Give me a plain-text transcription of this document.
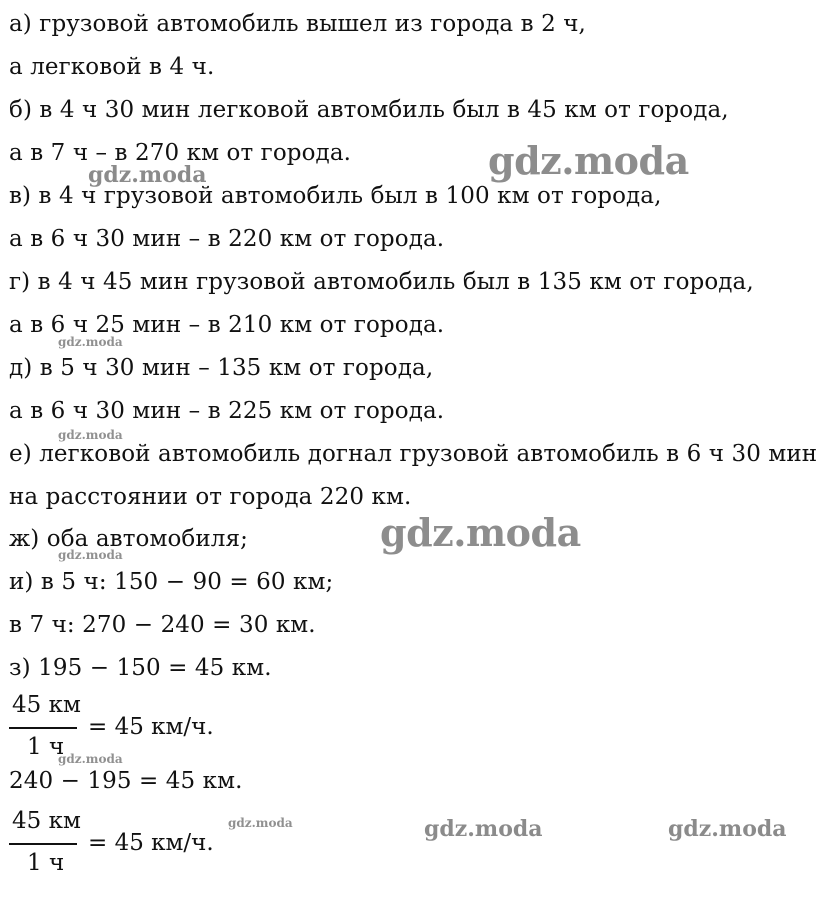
а) грузовой автомобиль вышел из города в 2 ч,
а легковой в 4 ч.
б) в 4 ч 30 мин легковой автомбиль был в 45 км от города,
а в 7 ч – в 270 км от города.
в) в 4 ч грузовой автомобиль был в 100 км от города,
а в 6 ч 30 мин – в 220 км от города.
г) в 4 ч 45 мин грузовой автомобиль был в 135 км от города,
а в 6 ч 25 мин – в 210 км от города.
д) в 5 ч 30 мин – 135 км от города,
а в 6 ч 30 мин – в 225 км от города.
е) легковой автомобиль догнал грузовой автомобиль в 6 ч 30 мин
на расстоянии от города 220 км.
ж) оба автомобиля;
и) в 5 ч: 150 − 90 = 60 км;
в 7 ч: 270 − 240 = 30 км.
з) 195 − 150 = 45 км.
45 км
1 ч
= 45 км/ч.
240 − 195 = 45 км.
45 км
1 ч
= 45 км/ч.
gdz.moda
gdz.moda
gdz.moda
gdz.moda
gdz.moda
gdz.moda
gdz.moda
gdz.moda	gdz.moda	gdz.moda
